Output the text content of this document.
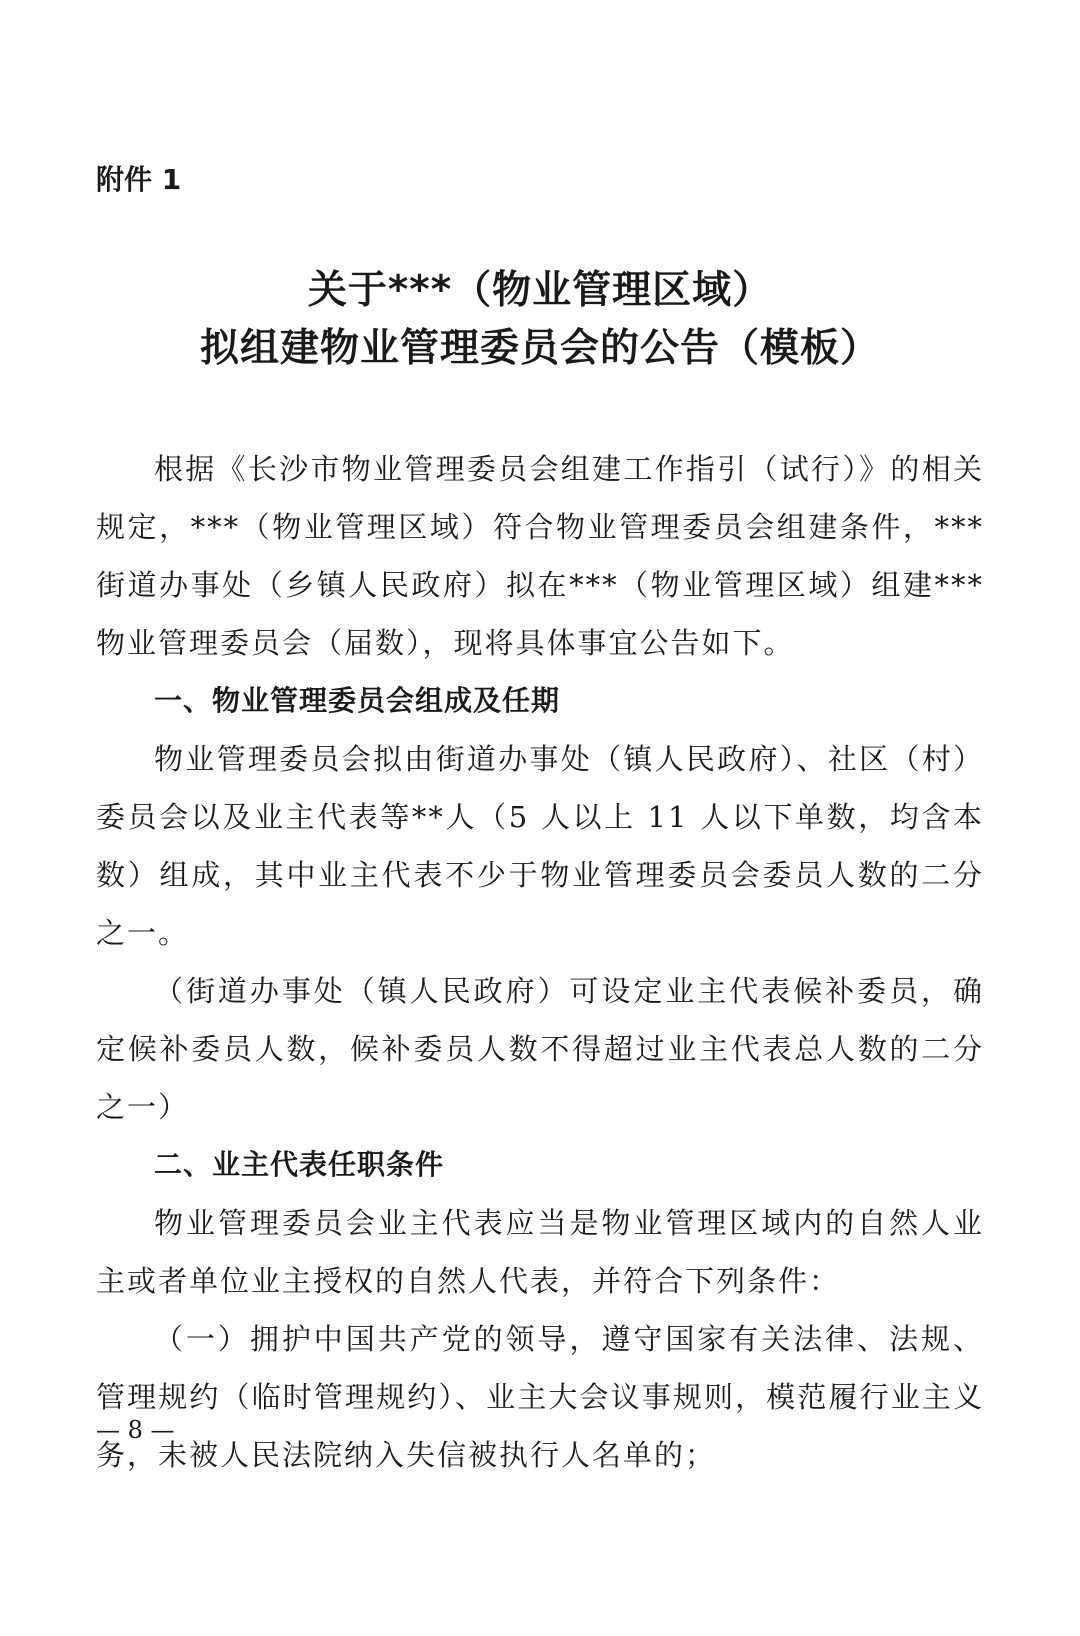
附件 1

关于***（物业管理区域）
拟组建物业管理委员会的公告（模板）

根据《长沙市物业管理委员会组建工作指引（试行）》的相关规定，***（物业管理区域）符合物业管理委员会组建条件，***街道办事处（乡镇人民政府）拟在***（物业管理区域）组建***物业管理委员会（届数），现将具体事宜公告如下。

一、物业管理委员会组成及任期

物业管理委员会拟由街道办事处（镇人民政府）、社区（村）委员会以及业主代表等**人（5 人以上 11 人以下单数，均含本数）组成，其中业主代表不少于物业管理委员会委员人数的二分之一。

（街道办事处（镇人民政府）可设定业主代表候补委员，确定候补委员人数，候补委员人数不得超过业主代表总人数的二分之一）

二、业主代表任职条件

物业管理委员会业主代表应当是物业管理区域内的自然人业主或者单位业主授权的自然人代表，并符合下列条件：

（一）拥护中国共产党的领导，遵守国家有关法律、法规、管理规约（临时管理规约）、业主大会议事规则，模范履行业主义务，未被人民法院纳入失信被执行人名单的；

— 8 —
